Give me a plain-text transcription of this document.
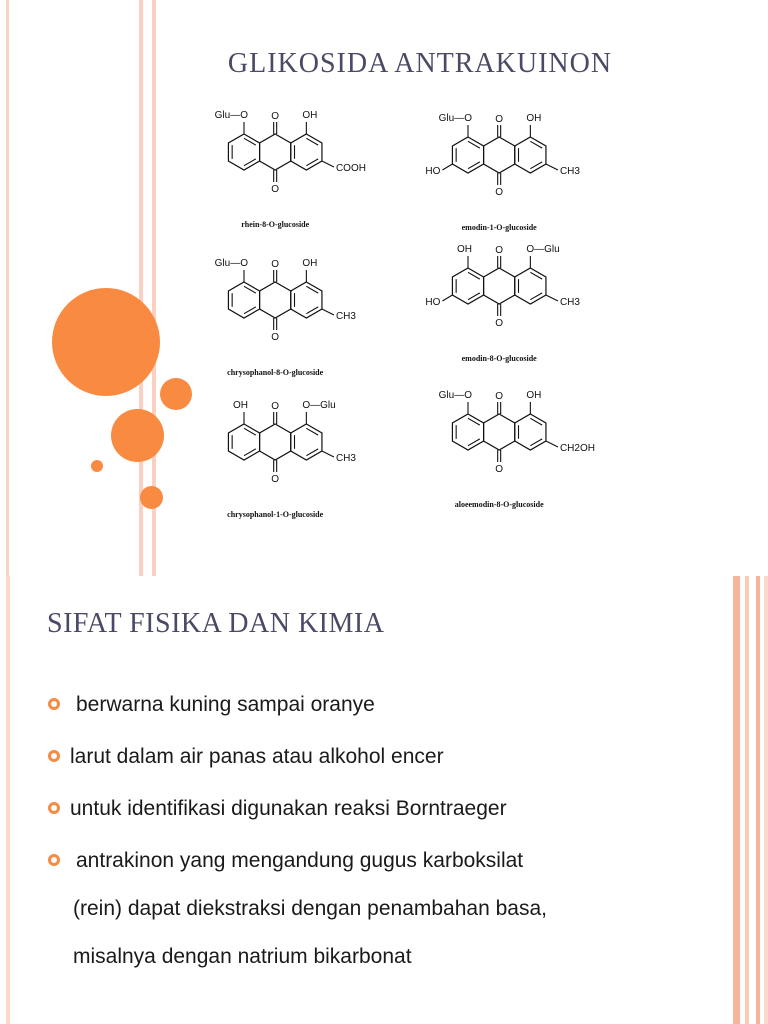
GLIKOSIDA ANTRAKUINON
Glu—O	OH
O
O
COOH
rhein-8-O-glucoside
Glu—O	OH
O
O
CH3
HO
emodin-1-O-glucoside
Glu—O	OH
O
O
CH3
chrysophanol-8-O-glucoside
OH	O—Glu
O
O
CH3
HO
emodin-8-O-glucoside
OH	O—Glu
O
O
CH3
chrysophanol-1-O-glucoside
Glu—O	OH
O
O
CH2OH
aloeemodin-8-O-glucoside
SIFAT FISIKA DAN KIMIA
berwarna kuning sampai oranye
larut dalam air panas atau alkohol encer
untuk identifikasi digunakan reaksi Borntraeger
antrakinon yang mengandung gugus karboksilat
(rein) dapat diekstraksi dengan penambahan basa,
misalnya dengan natrium bikarbonat
